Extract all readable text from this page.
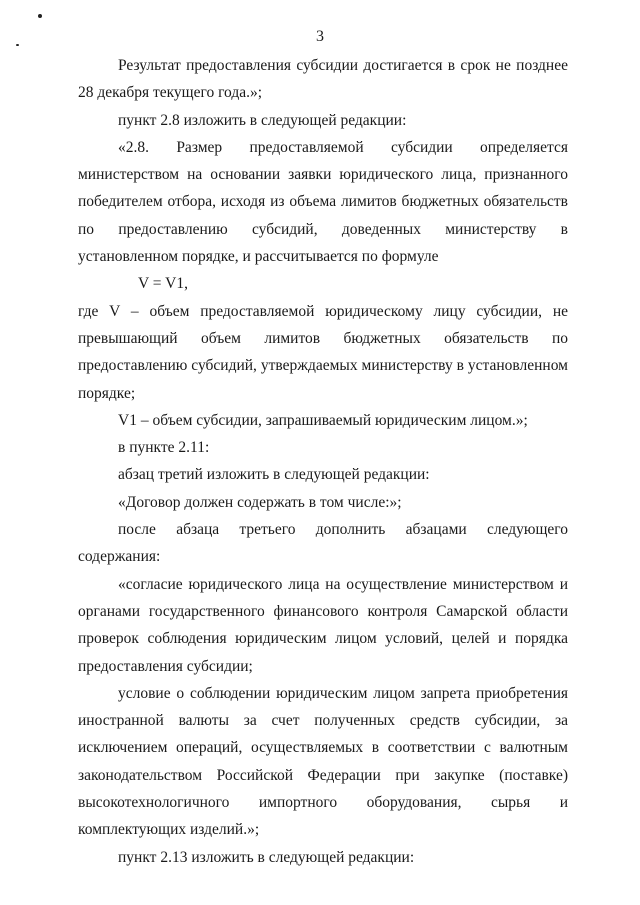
3

Результат предоставления субсидии достигается в срок не позднее 28 декабря текущего года.»;

пункт 2.8 изложить в следующей редакции:

«2.8. Размер предоставляемой субсидии определяется министерством на основании заявки юридического лица, признанного победителем отбора, исходя из объема лимитов бюджетных обязательств по предоставлению субсидий, доведенных министерству в установленном порядке, и рассчитывается по формуле

V = V1,

где V – объем предоставляемой юридическому лицу субсидии, не превышающий объем лимитов бюджетных обязательств по предоставлению субсидий, утверждаемых министерству в установленном порядке;

V1 – объем субсидии, запрашиваемый юридическим лицом.»;

в пункте 2.11:

абзац третий изложить в следующей редакции:

«Договор должен содержать в том числе:»;

после абзаца третьего дополнить абзацами следующего содержания:

«согласие юридического лица на осуществление министерством и органами государственного финансового контроля Самарской области проверок соблюдения юридическим лицом условий, целей и порядка предоставления субсидии;

условие о соблюдении юридическим лицом запрета приобретения иностранной валюты за счет полученных средств субсидии, за исключением операций, осуществляемых в соответствии с валютным законодательством Российской Федерации при закупке (поставке) высокотехнологичного импортного оборудования, сырья и комплектующих изделий.»;

пункт 2.13 изложить в следующей редакции:
